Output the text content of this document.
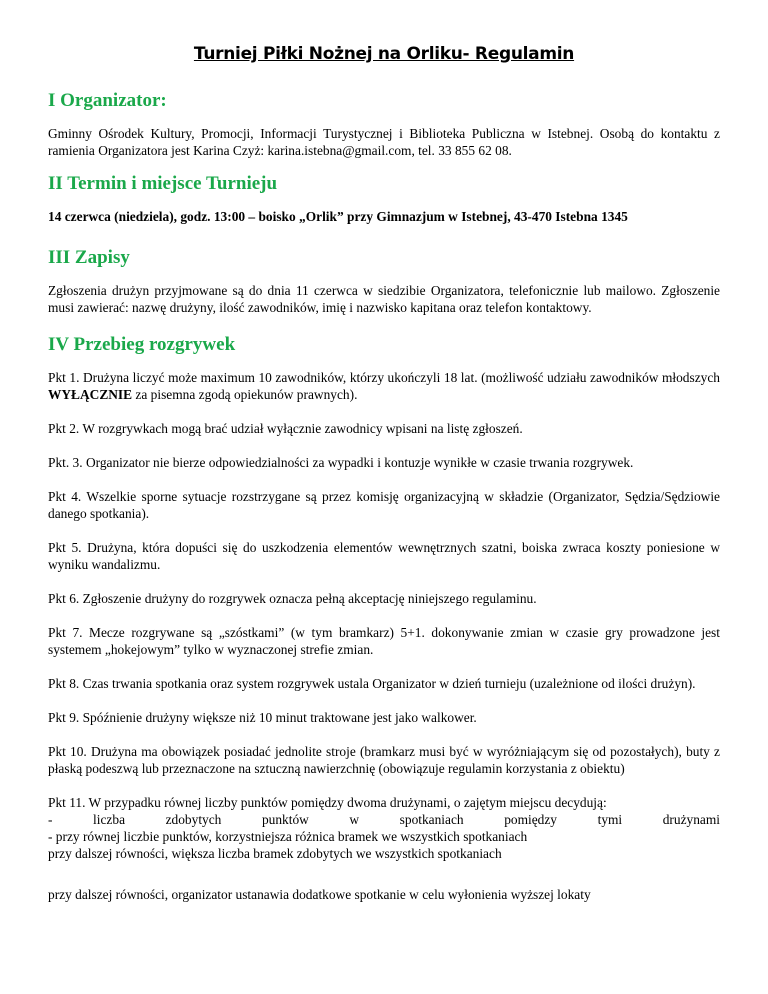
Turniej Piłki Nożnej na Orliku- Regulamin
I Organizator:

Gminny Ośrodek Kultury, Promocji, Informacji Turystycznej i Biblioteka Publiczna w Istebnej. Osobą do kontaktu z ramienia Organizatora jest Karina Czyż: karina.istebna@gmail.com, tel. 33 855 62 08.

II Termin i miejsce Turnieju

14 czerwca (niedziela), godz. 13:00 – boisko „Orlik” przy Gimnazjum w Istebnej, 43-470 Istebna 1345

III Zapisy

Zgłoszenia drużyn przyjmowane są do dnia 11 czerwca w siedzibie Organizatora, telefonicznie lub mailowo. Zgłoszenie musi zawierać: nazwę drużyny, ilość zawodników, imię i nazwisko kapitana oraz telefon kontaktowy.

IV Przebieg rozgrywek

Pkt 1. Drużyna liczyć może maximum 10 zawodników, którzy ukończyli 18 lat. (możliwość udziału zawodników młodszych WYŁĄCZNIE za pisemna zgodą opiekunów prawnych).

Pkt 2. W rozgrywkach mogą brać udział wyłącznie zawodnicy wpisani na listę zgłoszeń.

Pkt. 3. Organizator nie bierze odpowiedzialności za wypadki i kontuzje wynikłe w czasie trwania rozgrywek.

Pkt 4. Wszelkie sporne sytuacje rozstrzygane są przez komisję organizacyjną w składzie (Organizator, Sędzia/Sędziowie danego spotkania).

Pkt 5. Drużyna, która dopuści się do uszkodzenia elementów wewnętrznych szatni, boiska zwraca koszty poniesione w wyniku wandalizmu.

Pkt 6. Zgłoszenie drużyny do rozgrywek oznacza pełną akceptację niniejszego regulaminu.

Pkt 7. Mecze rozgrywane są „szóstkami” (w tym bramkarz) 5+1. dokonywanie zmian w czasie gry prowadzone jest systemem „hokejowym” tylko w wyznaczonej strefie zmian.

Pkt 8. Czas trwania spotkania oraz system rozgrywek ustala Organizator w dzień turnieju (uzależnione od ilości drużyn).

Pkt 9. Spóźnienie drużyny większe niż 10 minut traktowane jest jako walkower.

Pkt 10. Drużyna ma obowiązek posiadać jednolite stroje (bramkarz musi być w wyróżniającym się od pozostałych), buty z płaską podeszwą lub przeznaczone na sztuczną nawierzchnię (obowiązuje regulamin korzystania z obiektu)

Pkt 11. W przypadku równej liczby punktów pomiędzy dwoma drużynami, o zajętym miejscu decydują:

-	liczba	zdobytych	punktów	w	spotkaniach	pomiędzy	tymi	drużynami

- przy równej liczbie punktów, korzystniejsza różnica bramek we wszystkich spotkaniach

przy dalszej równości, większa liczba bramek zdobytych we wszystkich spotkaniach

przy dalszej równości, organizator ustanawia dodatkowe spotkanie w celu wyłonienia wyższej lokaty
